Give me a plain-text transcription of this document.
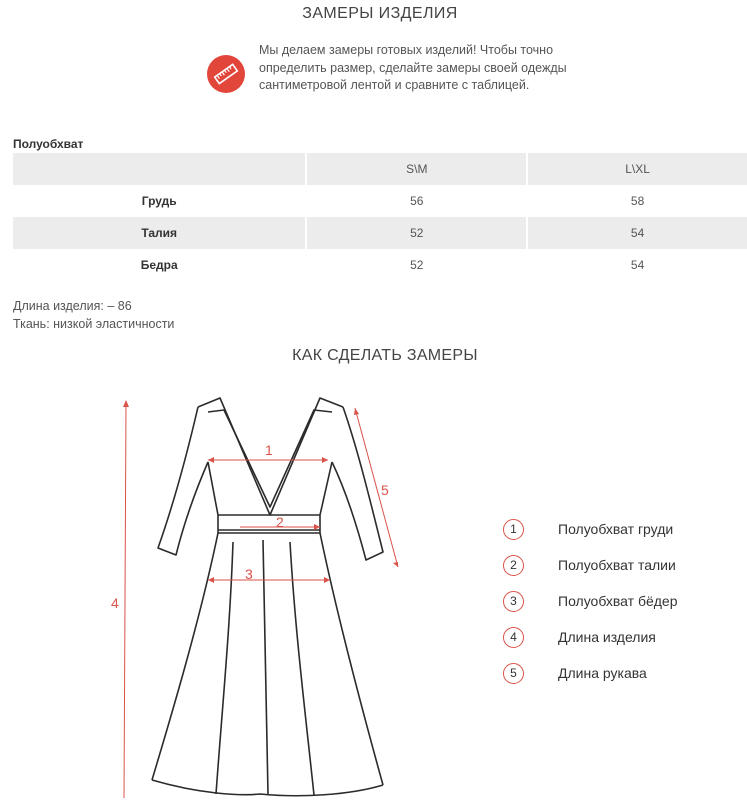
ЗАМЕРЫ ИЗДЕЛИЯ
Мы делаем замеры готовых изделий! Чтобы точно определить размер, сделайте замеры своей одежды сантиметровой лентой и сравните с таблицей.
Полуобхват
	S\M	L\XL
Грудь	56	58
Талия	52	54
Бедра	52	54
Длина изделия: – 86
Ткань: низкой эластичности
КАК СДЕЛАТЬ ЗАМЕРЫ
1
2
3
4
5
1	Полуобхват груди
2	Полуобхват талии
3	Полуобхват бёдер
4	Длина изделия
5	Длина рукава
